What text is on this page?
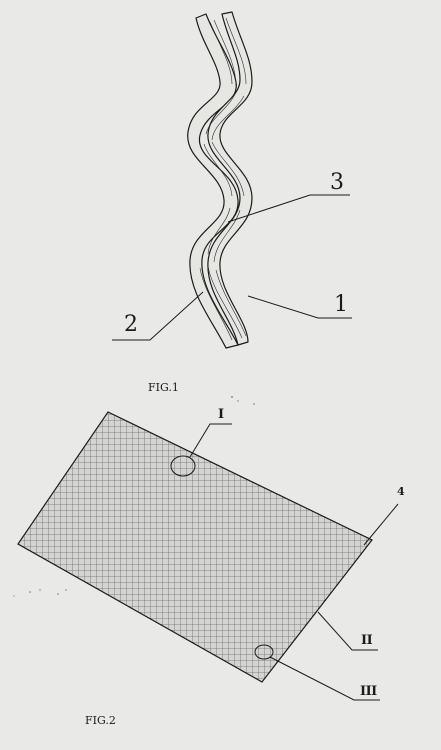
3
2
1
FIG.1
I
4
II
III
FIG.2
